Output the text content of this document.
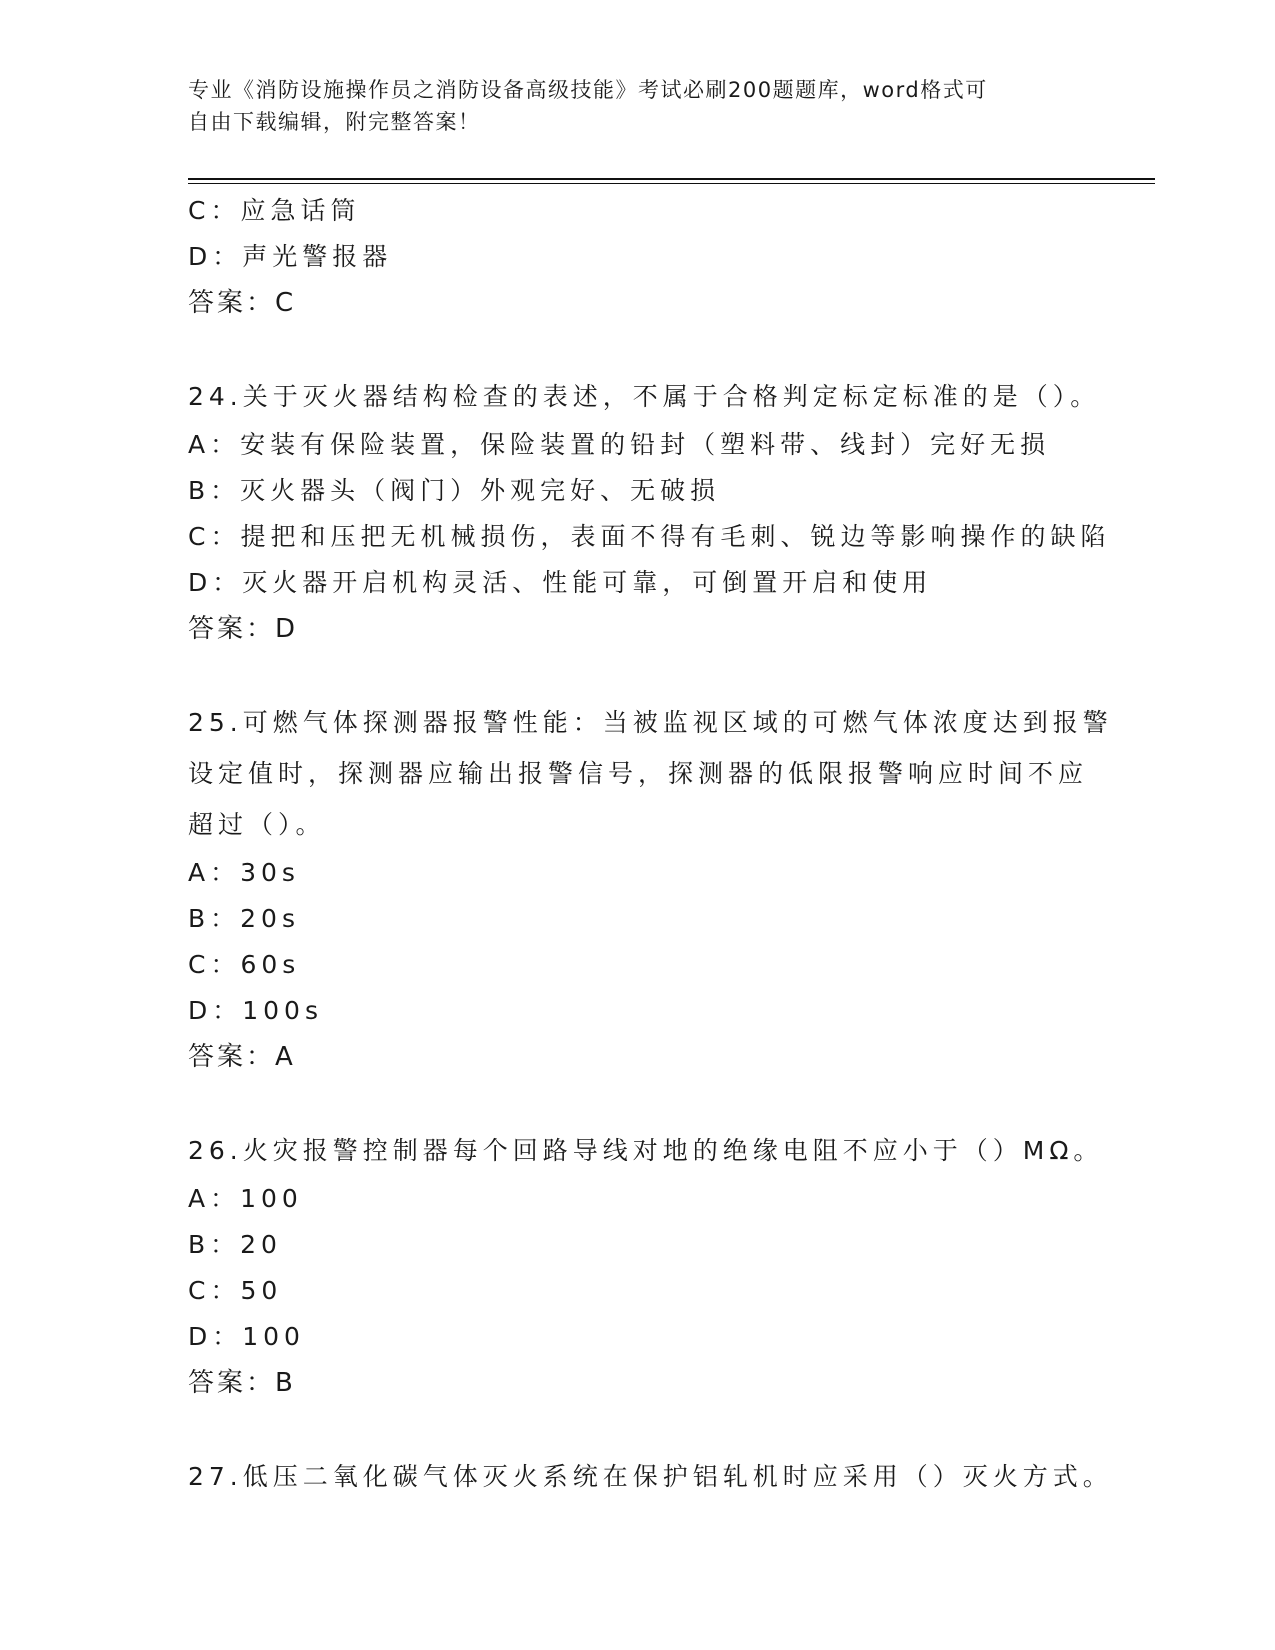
专业《消防设施操作员之消防设备高级技能》考试必刷200题题库，word格式可
自由下载编辑，附完整答案！
C：应急话筒
D：声光警报器
答案：C
24.关于灭火器结构检查的表述，不属于合格判定标定标准的是（）。
A：安装有保险装置，保险装置的铅封（塑料带、线封）完好无损
B：灭火器头（阀门）外观完好、无破损
C：提把和压把无机械损伤，表面不得有毛刺、锐边等影响操作的缺陷
D：灭火器开启机构灵活、性能可靠，可倒置开启和使用
答案：D
25.可燃气体探测器报警性能：当被监视区域的可燃气体浓度达到报警
设定值时，探测器应输出报警信号，探测器的低限报警响应时间不应
超过（）。
A：30s
B：20s
C：60s
D：100s
答案：A
26.火灾报警控制器每个回路导线对地的绝缘电阻不应小于（）MΩ。
A：100
B：20
C：50
D：100
答案：B
27.低压二氧化碳气体灭火系统在保护铝轧机时应采用（）灭火方式。
